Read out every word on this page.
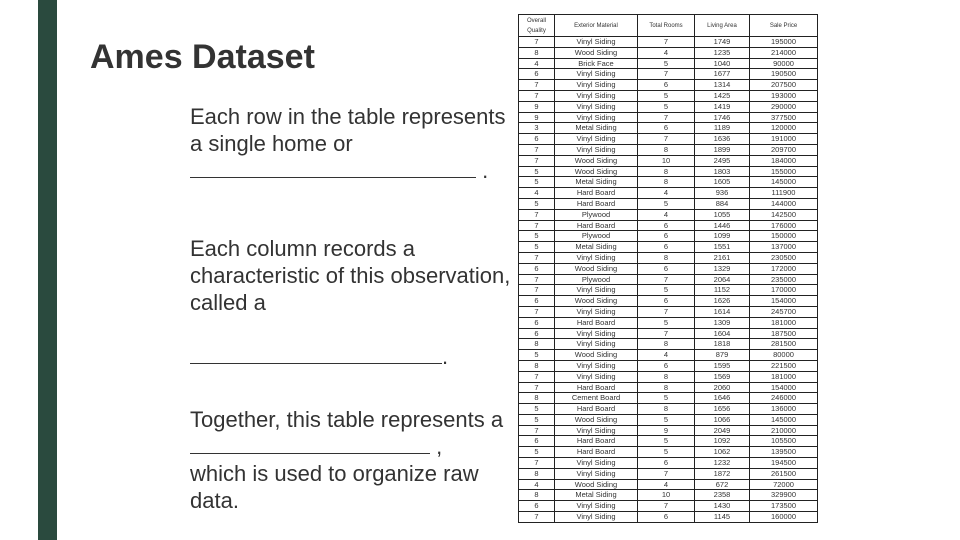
Ames Dataset
Each row in the table represents a single home or  .
Each column records a characteristic of this observation, called a

.
Together, this table represents a
,
which is used to organize raw data.
Overall Quality	Exterior Material	Total Rooms	Living Area	Sale Price
7	Vinyl Siding	7	1749	195000
8	Wood Siding	4	1235	214000
4	Brick Face	5	1040	90000
6	Vinyl Siding	7	1677	190500
7	Vinyl Siding	6	1314	207500
7	Vinyl Siding	5	1425	193000
9	Vinyl Siding	5	1419	290000
9	Vinyl Siding	7	1746	377500
3	Metal Siding	6	1189	120000
6	Vinyl Siding	7	1636	191000
7	Vinyl Siding	8	1899	209700
7	Wood Siding	10	2495	184000
5	Wood Siding	8	1803	155000
5	Metal Siding	8	1605	145000
4	Hard Board	4	936	111900
5	Hard Board	5	884	144000
7	Plywood	4	1055	142500
7	Hard Board	6	1446	176000
5	Plywood	6	1099	150000
5	Metal Siding	6	1551	137000
7	Vinyl Siding	8	2161	230500
6	Wood Siding	6	1329	172000
7	Plywood	7	2064	235000
7	Vinyl Siding	5	1152	170000
6	Wood Siding	6	1626	154000
7	Vinyl Siding	7	1614	245700
6	Hard Board	5	1309	181000
6	Vinyl Siding	7	1604	187500
8	Vinyl Siding	8	1818	281500
5	Wood Siding	4	879	80000
8	Vinyl Siding	6	1595	221500
7	Vinyl Siding	8	1569	181000
7	Hard Board	8	2060	154000
8	Cement Board	5	1646	246000
5	Hard Board	8	1656	136000
5	Wood Siding	5	1066	145000
7	Vinyl Siding	9	2049	210000
6	Hard Board	5	1092	105500
5	Hard Board	5	1062	139500
7	Vinyl Siding	6	1232	194500
8	Vinyl Siding	7	1872	261500
4	Wood Siding	4	672	72000
8	Metal Siding	10	2358	329900
6	Vinyl Siding	7	1430	173500
7	Vinyl Siding	6	1145	160000
